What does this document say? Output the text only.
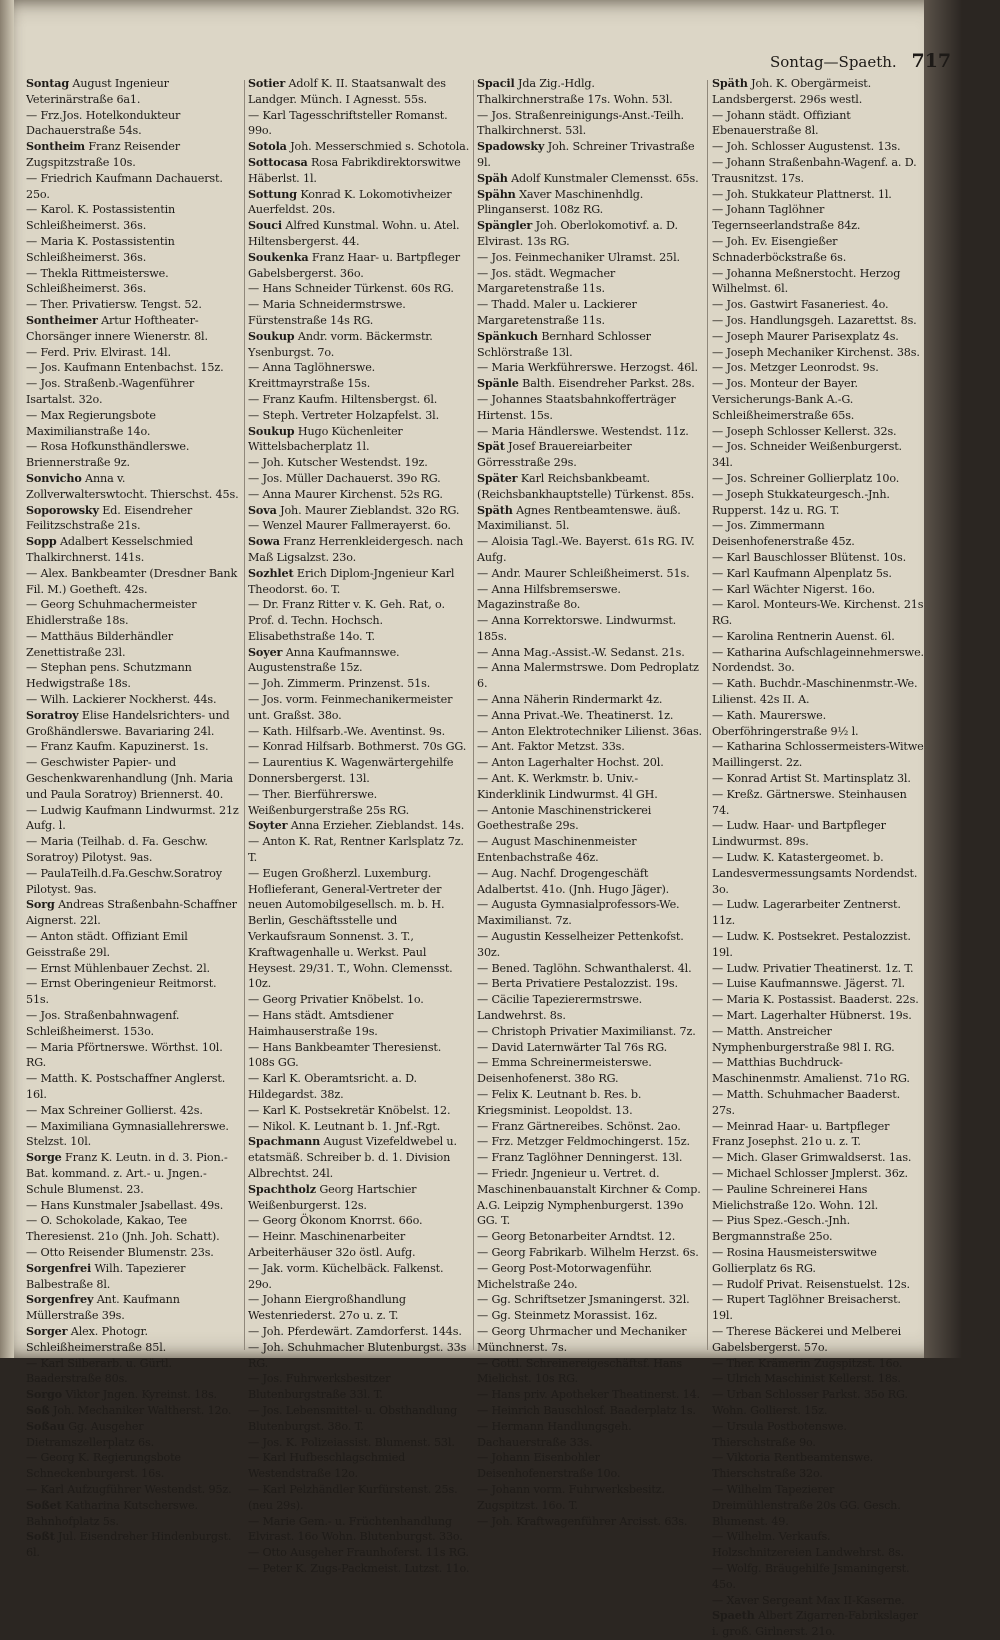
Sontag—Spaeth. 717

Sontag August Ingenieur Veterinärstraße 6a1.

— Frz.Jos. Hotelkondukteur Dachauerstraße 54s.

Sontheim Franz Reisender Zugspitzstraße 10s.

— Friedrich Kaufmann Dachauerst. 25o.

— Karol. K. Postassistentin Schleißheimerst. 36s.

— Maria K. Postassistentin Schleißheimerst. 36s.

— Thekla Rittmeisterswe. Schleißheimerst. 36s.

— Ther. Privatiersw. Tengst. 52.

Sontheimer Artur Hoftheater-Chorsänger innere Wienerstr. 8l.

— Ferd. Priv. Elvirast. 14l.

— Jos. Kaufmann Entenbachst. 15z.

— Jos. Straßenb.-Wagenführer Isartalst. 32o.

— Max Regierungsbote Maximilianstraße 14o.

— Rosa Hofkunsthändlerswe. Briennerstraße 9z.

Sonvicho Anna v. Zollverwalterswtocht. Thierschst. 45s.

Soporowsky Ed. Eisendreher Feilitzschstraße 21s.

Sopp Adalbert Kesselschmied Thalkirchnerst. 141s.

— Alex. Bankbeamter (Dresdner Bank Fil. M.) Goetheft. 42s.

— Georg Schuhmachermeister Ehidlerstraße 18s.

— Matthäus Bilderhändler Zenettistraße 23l.

— Stephan pens. Schutzmann Hedwigstraße 18s.

— Wilh. Lackierer Nockherst. 44s.

Soratroy Elise Handelsrichters- und Großhändlerswe. Bavariaring 24l.

— Franz Kaufm. Kapuzinerst. 1s.

— Geschwister Papier- und Geschenkwarenhandlung (Jnh. Maria und Paula Soratroy) Briennerst. 40.

— Ludwig Kaufmann Lindwurmst. 21z Aufg. l.

— Maria (Teilhab. d. Fa. Geschw. Soratroy) Pilotyst. 9as.

— PaulaTeilh.d.Fa.Geschw.Soratroy Pilotyst. 9as.

Sorg Andreas Straßenbahn-Schaffner Aignerst. 22l.

— Anton städt. Offiziant Emil Geisstraße 29l.

— Ernst Mühlenbauer Zechst. 2l.

— Ernst Oberingenieur Reitmorst. 51s.

— Jos. Straßenbahnwagenf. Schleißheimerst. 153o.

— Maria Pförtnerswe. Wörthst. 10l. RG.

— Matth. K. Postschaffner Anglerst. 16l.

— Max Schreiner Gollierst. 42s.

— Maximiliana Gymnasiallehrerswe. Stelzst. 10l.

Sorge Franz K. Leutn. in d. 3. Pion.-Bat. kommand. z. Art.- u. Jngen.-Schule Blumenst. 23.

— Hans Kunstmaler Jsabellast. 49s.

— O. Schokolade, Kakao, Tee Theresienst. 21o (Jnh. Joh. Schatt).

— Otto Reisender Blumenstr. 23s.

Sorgenfrei Wilh. Tapezierer Balbestraße 8l.

Sorgenfrey Ant. Kaufmann Müllerstraße 39s.

Sorger Alex. Photogr. Schleißheimerstraße 85l.

— Karl Silberarb. u. Gürtl. Baaderstraße 80s.

Sorgo Viktor Jngen. Kyreinst. 18s.

Soß Joh. Mechaniker Waltherst. 12o.

Soßau Gg. Ausgeher Dietramszellerplatz 6s.

— Georg K. Regierungsbote Schneckenburgerst. 16s.

— Karl Aufzugführer Westendst. 95z.

Soßet Katharina Kutscherswe. Bahnhofplatz 5s.

Soßt Jul. Eisendreher Hindenburgst. 6l.

Sotier Adolf K. II. Staatsanwalt des Landger. Münch. I Agnesst. 55s.

— Karl Tagesschriftsteller Romanst. 99o.

Sotola Joh. Messerschmied s. Schotola.

Sottocasa Rosa Fabrikdirektorswitwe Häberlst. 1l.

Sottung Konrad K. Lokomotivheizer Auerfeldst. 20s.

Souci Alfred Kunstmal. Wohn. u. Atel. Hiltensbergerst. 44.

Soukenka Franz Haar- u. Bartpfleger Gabelsbergerst. 36o.

— Hans Schneider Türkenst. 60s RG.

— Maria Schneidermstrswe. Fürstenstraße 14s RG.

Soukup Andr. vorm. Bäckermstr. Ysenburgst. 7o.

— Anna Taglöhnerswe. Kreittmayrstraße 15s.

— Franz Kaufm. Hiltensbergst. 6l.

— Steph. Vertreter Holzapfelst. 3l.

Soukup Hugo Küchenleiter Wittelsbacherplatz 1l.

— Joh. Kutscher Westendst. 19z.

— Jos. Müller Dachauerst. 39o RG.

— Anna Maurer Kirchenst. 52s RG.

Sova Joh. Maurer Zieblandst. 32o RG.

— Wenzel Maurer Fallmerayerst. 6o.

Sowa Franz Herrenkleidergesch. nach Maß Ligsalzst. 23o.

Sozhlet Erich Diplom-Jngenieur Karl Theodorst. 6o. T.

— Dr. Franz Ritter v. K. Geh. Rat, o. Prof. d. Techn. Hochsch. Elisabethstraße 14o. T.

Soyer Anna Kaufmannswe. Augustenstraße 15z.

— Joh. Zimmerm. Prinzenst. 51s.

— Jos. vorm. Feinmechanikermeister unt. Graßst. 38o.

— Kath. Hilfsarb.-We. Aventinst. 9s.

— Konrad Hilfsarb. Bothmerst. 70s GG.

— Laurentius K. Wagenwärtergehilfe Donnersbergerst. 13l.

— Ther. Bierführerswe. Weißenburgerstraße 25s RG.

Soyter Anna Erzieher. Zieblandst. 14s.

— Anton K. Rat, Rentner Karlsplatz 7z. T.

— Eugen Großherzl. Luxemburg. Hoflieferant, General-Vertreter der neuen Automobilgesellsch. m. b. H. Berlin, Geschäftsstelle und Verkaufsraum Sonnenst. 3. T., Kraftwagenhalle u. Werkst. Paul Heysest. 29/31. T., Wohn. Clemensst. 10z.

— Georg Privatier Knöbelst. 1o.

— Hans städt. Amtsdiener Haimhauserstraße 19s.

— Hans Bankbeamter Theresienst. 108s GG.

— Karl K. Oberamtsricht. a. D. Hildegardst. 38z.

— Karl K. Postsekretär Knöbelst. 12.

— Nikol. K. Leutnant b. 1. Jnf.-Rgt.

Spachmann August Vizefeldwebel u. etatsmäß. Schreiber b. d. 1. Division Albrechtst. 24l.

Spachtholz Georg Hartschier Weißenburgerst. 12s.

— Georg Ökonom Knorrst. 66o.

— Heinr. Maschinenarbeiter Arbeiterhäuser 32o östl. Aufg.

— Jak. vorm. Küchelbäck. Falkenst. 29o.

— Johann Eiergroßhandlung Westenriederst. 27o u. z. T.

— Joh. Pferdewärt. Zamdorferst. 144s.

— Joh. Schuhmacher Blutenburgst. 33s RG.

— Jos. Fuhrwerksbesitzer Blutenburgstraße 33l. T.

— Jos. Lebensmittel- u. Obsthandlung Blutenburgst. 38o. T.

— Jos. K. Polizeiassist. Blumenst. 53l.

— Karl Hufbeschlagschmied Westendstraße 12o.

— Karl Pelzhändler Kurfürstenst. 25s. (neu 29s).

— Marie Gem.- u. Früchtenhandlung Elvirast. 16o Wohn. Blutenburgst. 33o.

— Otto Ausgeher Fraunhoferst. 11s RG.

— Peter K. Zugs-Packmeist. Lutzst. 11o.

Spacil Jda Zig.-Hdlg. Thalkirchnerstraße 17s. Wohn. 53l.

— Jos. Straßenreinigungs-Anst.-Teilh. Thalkirchnerst. 53l.

Spadowsky Joh. Schreiner Trivastraße 9l.

Späh Adolf Kunstmaler Clemensst. 65s.

Spähn Xaver Maschinenhdlg. Plinganserst. 108z RG.

Spängler Joh. Oberlokomotivf. a. D. Elvirast. 13s RG.

— Jos. Feinmechaniker Ulramst. 25l.

— Jos. städt. Wegmacher Margaretenstraße 11s.

— Thadd. Maler u. Lackierer Margaretenstraße 11s.

Spänkuch Bernhard Schlosser Schlörstraße 13l.

— Maria Werkführerswe. Herzogst. 46l.

Spänle Balth. Eisendreher Parkst. 28s.

— Johannes Staatsbahnkofferträger Hirtenst. 15s.

— Maria Händlerswe. Westendst. 11z.

Spät Josef Brauereiarbeiter Görresstraße 29s.

Später Karl Reichsbankbeamt. (Reichsbankhauptstelle) Türkenst. 85s.

Späth Agnes Rentbeamtenswe. äuß. Maximilianst. 5l.

— Aloisia Tagl.-We. Bayerst. 61s RG. IV. Aufg.

— Andr. Maurer Schleißheimerst. 51s.

— Anna Hilfsbremserswe. Magazinstraße 8o.

— Anna Korrektorswe. Lindwurmst. 185s.

— Anna Mag.-Assist.-W. Sedanst. 21s.

— Anna Malermstrswe. Dom Pedroplatz 6.

— Anna Näherin Rindermarkt 4z.

— Anna Privat.-We. Theatinerst. 1z.

— Anton Elektrotechniker Lilienst. 36as.

— Ant. Faktor Metzst. 33s.

— Anton Lagerhalter Hochst. 20l.

— Ant. K. Werkmstr. b. Univ.-Kinderklinik Lindwurmst. 4l GH.

— Antonie Maschinenstrickerei Goethestraße 29s.

— August Maschinenmeister Entenbachstraße 46z.

— Aug. Nachf. Drogengeschäft Adalbertst. 41o. (Jnh. Hugo Jäger).

— Augusta Gymnasialprofessors-We. Maximilianst. 7z.

— Augustin Kesselheizer Pettenkofst. 30z.

— Bened. Taglöhn. Schwanthalerst. 4l.

— Berta Privatiere Pestalozzist. 19s.

— Cäcilie Tapezierermstrswe. Landwehrst. 8s.

— Christoph Privatier Maximilianst. 7z.

— David Laternwärter Tal 76s RG.

— Emma Schreinermeisterswe. Deisenhofenerst. 38o RG.

— Felix K. Leutnant b. Res. b. Kriegsminist. Leopoldst. 13.

— Franz Gärtnereibes. Schönst. 2ao.

— Frz. Metzger Feldmochingerst. 15z.

— Franz Taglöhner Denningerst. 13l.

— Friedr. Jngenieur u. Vertret. d. Maschinenbauanstalt Kirchner & Comp. A.G. Leipzig Nymphenburgerst. 139o GG. T.

— Georg Betonarbeiter Arndtst. 12.

— Georg Fabrikarb. Wilhelm Herzst. 6s.

— Georg Post-Motorwagenführ. Michelstraße 24o.

— Gg. Schriftsetzer Jsmaningerst. 32l.

— Gg. Steinmetz Morassist. 16z.

— Georg Uhrmacher und Mechaniker Münchnerst. 7s.

— Gottl. Schreinereigeschäftsf. Hans Mielichst. 10s RG.

— Hans priv. Apotheker Theatinerst. 14.

— Heinrich Bauschlosf. Baaderplatz 1s.

— Hermann Handlungsgeh. Dachauerstraße 33s.

— Johann Eisenbohler Deisenhofenerstraße 10o.

— Johann vorm. Fuhrwerksbesitz. Zugspitzst. 16o. T.

— Joh. Kraftwagenführer Arcisst. 63s.

Späth Joh. K. Obergärmeist. Landsbergerst. 296s westl.

— Johann städt. Offiziant Ebenauerstraße 8l.

— Joh. Schlosser Augustenst. 13s.

— Johann Straßenbahn-Wagenf. a. D. Trausnitzst. 17s.

— Joh. Stukkateur Plattnerst. 1l.

— Johann Taglöhner Tegernseerlandstraße 84z.

— Joh. Ev. Eisengießer Schnaderböckstraße 6s.

— Johanna Meßnerstocht. Herzog Wilhelmst. 6l.

— Jos. Gastwirt Fasaneriest. 4o.

— Jos. Handlungsgeh. Lazarettst. 8s.

— Joseph Maurer Parisexplatz 4s.

— Joseph Mechaniker Kirchenst. 38s.

— Jos. Metzger Leonrodst. 9s.

— Jos. Monteur der Bayer. Versicherungs-Bank A.-G. Schleißheimerstraße 65s.

— Joseph Schlosser Kellerst. 32s.

— Jos. Schneider Weißenburgerst. 34l.

— Jos. Schreiner Gollierplatz 10o.

— Joseph Stukkateurgesch.-Jnh. Rupperst. 14z u. RG. T.

— Jos. Zimmermann Deisenhofenerstraße 45z.

— Karl Bauschlosser Blütenst. 10s.

— Karl Kaufmann Alpenplatz 5s.

— Karl Wächter Nigerst. 16o.

— Karol. Monteurs-We. Kirchenst. 21s RG.

— Karolina Rentnerin Auenst. 6l.

— Katharina Aufschlageinnehmerswe. Nordendst. 3o.

— Kath. Buchdr.-Maschinenmstr.-We. Lilienst. 42s II. A.

— Kath. Maurerswe. Oberföhringerstraße 9½ l.

— Katharina Schlossermeisters-Witwe Maillingerst. 2z.

— Konrad Artist St. Martinsplatz 3l.

— Kreßz. Gärtnerswe. Steinhausen 74.

— Ludw. Haar- und Bartpfleger Lindwurmst. 89s.

— Ludw. K. Katastergeomet. b. Landesvermessungsamts Nordendst. 3o.

— Ludw. Lagerarbeiter Zentnerst. 11z.

— Ludw. K. Postsekret. Pestalozzist. 19l.

— Ludw. Privatier Theatinerst. 1z. T.

— Luise Kaufmannswe. Jägerst. 7l.

— Maria K. Postassist. Baaderst. 22s.

— Mart. Lagerhalter Hübnerst. 19s.

— Matth. Anstreicher Nymphenburgerstraße 98l I. RG.

— Matthias Buchdruck-Maschinenmstr. Amalienst. 71o RG.

— Matth. Schuhmacher Baaderst. 27s.

— Meinrad Haar- u. Bartpfleger Franz Josephst. 21o u. z. T.

— Mich. Glaser Grimwaldserst. 1as.

— Michael Schlosser Jmplerst. 36z.

— Pauline Schreinerei Hans Mielichstraße 12o. Wohn. 12l.

— Pius Spez.-Gesch.-Jnh. Bergmannstraße 25o.

— Rosina Hausmeisterswitwe Gollierplatz 6s RG.

— Rudolf Privat. Reisenstuelst. 12s.

— Rupert Taglöhner Breisacherst. 19l.

— Therese Bäckerei und Melberei Gabelsbergerst. 57o.

— Ther. Krämerin Zugspitzst. 16o.

— Ulrich Maschinist Kellerst. 18s.

— Urban Schlosser Parkst. 35o RG. Wohn. Gollierst. 15z.

— Ursula Postbotenswe. Thierschstraße 9o.

— Viktoria Rentbeamtenswe. Thierschstraße 32o.

— Wilhelm Tapezierer Dreimühlenstraße 20s GG. Gesch. Blumenst. 49.

— Wilhelm. Verkaufs. Holzschnitzereien Landwehrst. 8s.

— Wolfg. Bräugehilfe Jsmaningerst. 45o.

— Xaver Sergeant Max II-Kaserne.

Spaeth Albert Zigarren-Fabrikslager i. groß. Girlnerst. 21o.
